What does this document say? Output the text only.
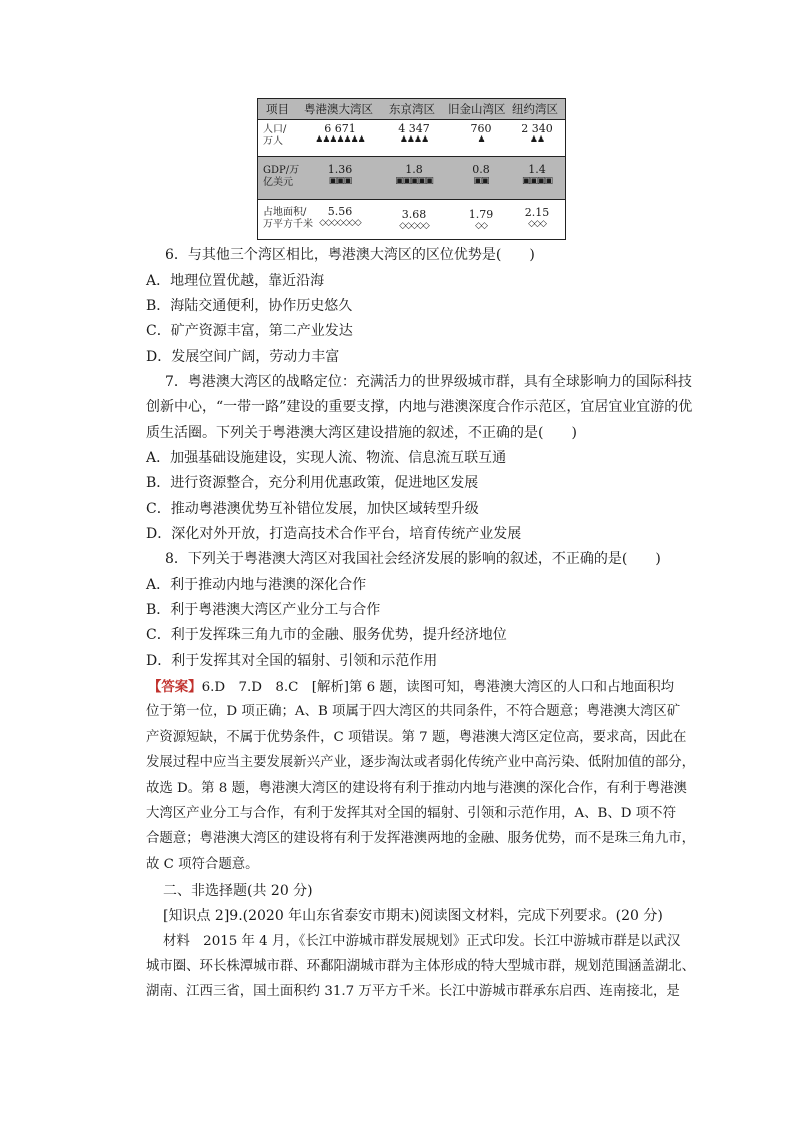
项目 粤港澳大湾区 东京湾区 旧金山湾区 纽约湾区
人口/
万人
6 671
♟♟♟♟♟♟♟
4 347
♟♟♟♟
760
♟
2 340
♟♟
GDP/万
亿美元
1.36
▣▣▣
1.8
▣▣▣▣▣
0.8
▣▣
1.4
▣▣▣▣
占地面积/
万平方千米
5.56
◇◇◇◇◇◇◇
3.68
◇◇◇◇◇
1.79
◇◇
2.15
◇◇◇
6．与其他三个湾区相比，粤港澳大湾区的区位优势是(　　)
A．地理位置优越，靠近沿海
B．海陆交通便利，协作历史悠久
C．矿产资源丰富，第二产业发达
D．发展空间广阔，劳动力丰富
7．粤港澳大湾区的战略定位：充满活力的世界级城市群，具有全球影响力的国际科技
创新中心，“一带一路”建设的重要支撑，内地与港澳深度合作示范区，宜居宜业宜游的优
质生活圈。下列关于粤港澳大湾区建设措施的叙述，不正确的是(　　)
A．加强基础设施建设，实现人流、物流、信息流互联互通
B．进行资源整合，充分利用优惠政策，促进地区发展
C．推动粤港澳优势互补错位发展，加快区域转型升级
D．深化对外开放，打造高技术合作平台，培育传统产业发展
8．下列关于粤港澳大湾区对我国社会经济发展的影响的叙述，不正确的是(　　)
A．利于推动内地与港澳的深化合作
B．利于粤港澳大湾区产业分工与合作
C．利于发挥珠三角九市的金融、服务优势，提升经济地位
D．利于发挥其对全国的辐射、引领和示范作用
【答案】6.D　7.D　8.C　[解析]第 6 题，读图可知，粤港澳大湾区的人口和占地面积均
位于第一位，D 项正确；A、B 项属于四大湾区的共同条件，不符合题意；粤港澳大湾区矿
产资源短缺，不属于优势条件，C 项错误。第 7 题，粤港澳大湾区定位高，要求高，因此在
发展过程中应当主要发展新兴产业，逐步淘汰或者弱化传统产业中高污染、低附加值的部分，
故选 D。第 8 题，粤港澳大湾区的建设将有利于推动内地与港澳的深化合作，有利于粤港澳
大湾区产业分工与合作，有利于发挥其对全国的辐射、引领和示范作用，A、B、D 项不符
合题意；粤港澳大湾区的建设将有利于发挥港澳两地的金融、服务优势，而不是珠三角九市，
故 C 项符合题意。
二、非选择题(共 20 分)
[知识点 2]9.(2020 年山东省泰安市期末)阅读图文材料，完成下列要求。(20 分)
材料　2015 年 4 月，《长江中游城市群发展规划》正式印发。长江中游城市群是以武汉
城市圈、环长株潭城市群、环鄱阳湖城市群为主体形成的特大型城市群，规划范围涵盖湖北、
湖南、江西三省，国土面积约 31.7 万平方千米。长江中游城市群承东启西、连南接北，是
